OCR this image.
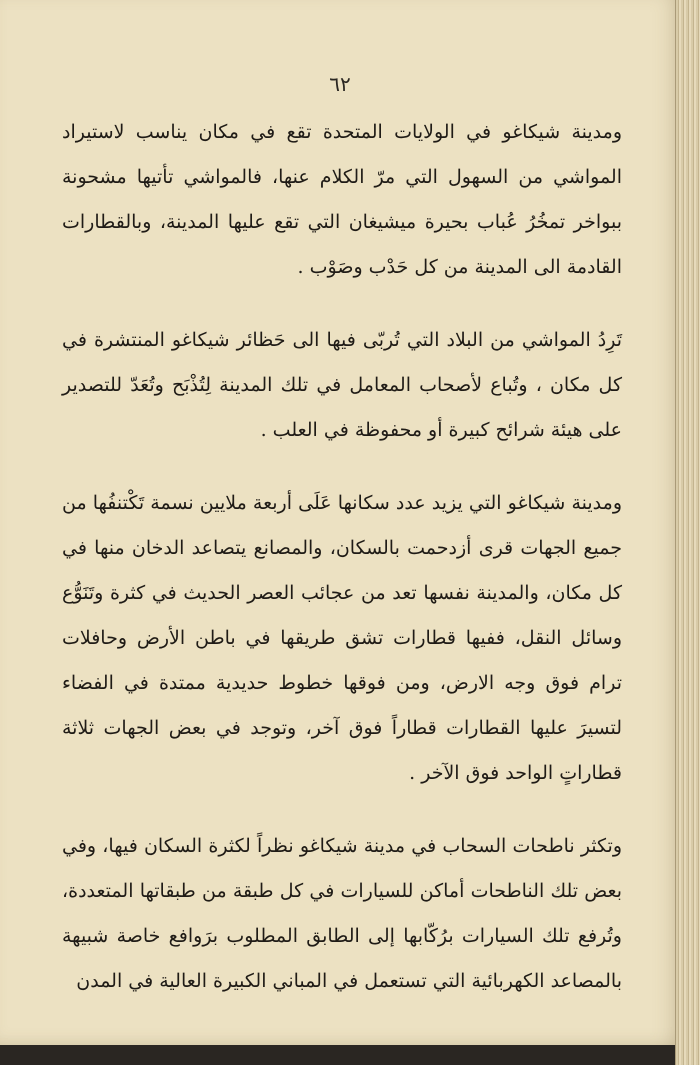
٦٢

ومدينة شيكاغو في الولايات المتحدة تقع في مكان يناسب لاستيراد المواشي من السهول التي مرّ الكلام عنها، فالمواشي تأتيها مشحونة ببواخر تمخُرُ عُباب بحيرة ميشيغان التي تقع عليها المدينة، وبالقطارات القادمة الى المدينة من كل حَدْب وصَوْب .

تَرِدُ المواشي من البلاد التي تُربّى فيها الى حَظائر شيكاغو المنتشرة في كل مكان ، وتُباع لأصحاب المعامل في تلك المدينة لِتُذْبَح وتُعَدّ للتصدير على هيئة شرائح كبيرة أو محفوظة في العلب .

ومدينة شيكاغو التي يزيد عدد سكانها عَلَى أربعة ملايين نسمة تَكْتنفُها من جميع الجهات قرى أزدحمت بالسكان، والمصانع يتصاعد الدخان منها في كل مكان، والمدينة نفسها تعد من عجائب العصر الحديث في كثرة وتَنَوُّع وسائل النقل، ففيها قطارات تشق طريقها في باطن الأرض وحافلات ترام فوق وجه الارض، ومن فوقها خطوط حديدية ممتدة في الفضاء لتسيرَ عليها القطارات قطاراً فوق آخر، وتوجد في بعض الجهات ثلاثة قطاراتٍ الواحد فوق الآخر .

وتكثر ناطحات السحاب في مدينة شيكاغو نظراً لكثرة السكان فيها، وفي بعض تلك الناطحات أماكن للسيارات في كل طبقة من طبقاتها المتعددة، وتُرفع تلك السيارات برُكّابها إلى الطابق المطلوب برَوافع خاصة شبيهة بالمصاعد الكهربائية التي تستعمل في المباني الكبيرة العالية في المدن
